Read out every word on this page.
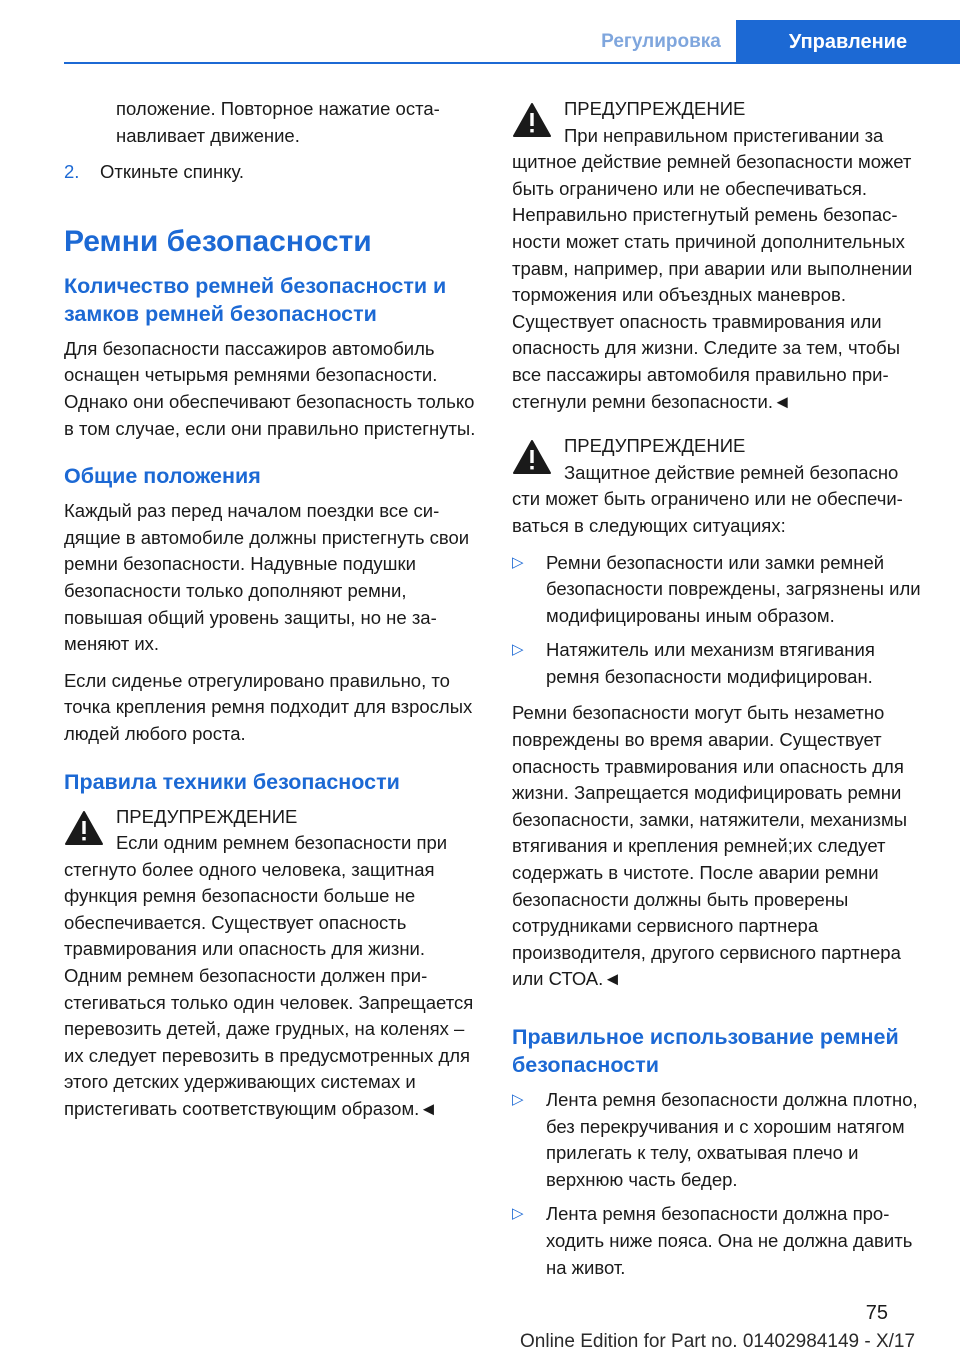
Регулировка	Управление

положение. Повторное нажатие останавливает движение.

2.	Откиньте спинку.

Ремни безопасности
Количество ремней безопасности и замков ремней безопасности

Для безопасности пассажиров автомобиль оснащен четырьмя ремнями безопасности. Однако они обеспечивают безопасность только в том случае, если они правильно пристегнуты.

Общие положения

Каждый раз перед началом поездки все сидящие в автомобиле должны пристегнуть свои ремни безопасности. Надувные подушки безопасности только дополняют ремни, повышая общий уровень защиты, но не заменяют их.

Если сиденье отрегулировано правильно, то точка крепления ремня подходит для взрослых людей любого роста.

Правила техники безопасности

ПРЕДУПРЕЖДЕНИЕ

Если одним ремнем безопасности при

стегнуто более одного человека, защитная функция ремня безопасности больше не обеспечивается. Существует опасность травмирования или опасность для жизни. Одним ремнем безопасности должен пристегиваться только один человек. Запрещается перевозить детей, даже грудных, на коленях – их следует перевозить в предусмотренных для этого детских удерживающих системах и пристегивать соответствующим образом.◄

ПРЕДУПРЕЖДЕНИЕ

При неправильном пристегивании за

щитное действие ремней безопасности может быть ограничено или не обеспечиваться. Неправильно пристегнутый ремень безопасности может стать причиной дополнительных травм, например, при аварии или выполнении торможения или объездных маневров. Существует опасность травмирования или опасность для жизни. Следите за тем, чтобы все пассажиры автомобиля правильно пристегнули ремни безопасности.◄

ПРЕДУПРЕЖДЕНИЕ

Защитное действие ремней безопасно

сти может быть ограничено или не обеспечиваться в следующих ситуациях:

▷	Ремни безопасности или замки ремней безопасности повреждены, загрязнены или модифицированы иным образом.

▷	Натяжитель или механизм втягивания ремня безопасности модифицирован.

Ремни безопасности могут быть незаметно повреждены во время аварии. Существует опасность травмирования или опасность для жизни. Запрещается модифицировать ремни безопасности, замки, натяжители, механизмы втягивания и крепления ремней;их следует содержать в чистоте. После аварии ремни безопасности должны быть проверены сотрудниками сервисного партнера производителя, другого сервисного партнера или СТОА.◄

Правильное использование ремней безопасности
▷	Лента ремня безопасности должна плотно, без перекручивания и с хорошим натягом прилегать к телу, охватывая плечо и верхнюю часть бедер.

▷	Лента ремня безопасности должна проходить ниже пояса. Она не должна давить на живот.

75
Online Edition for Part no. 01402984149 - X/17
